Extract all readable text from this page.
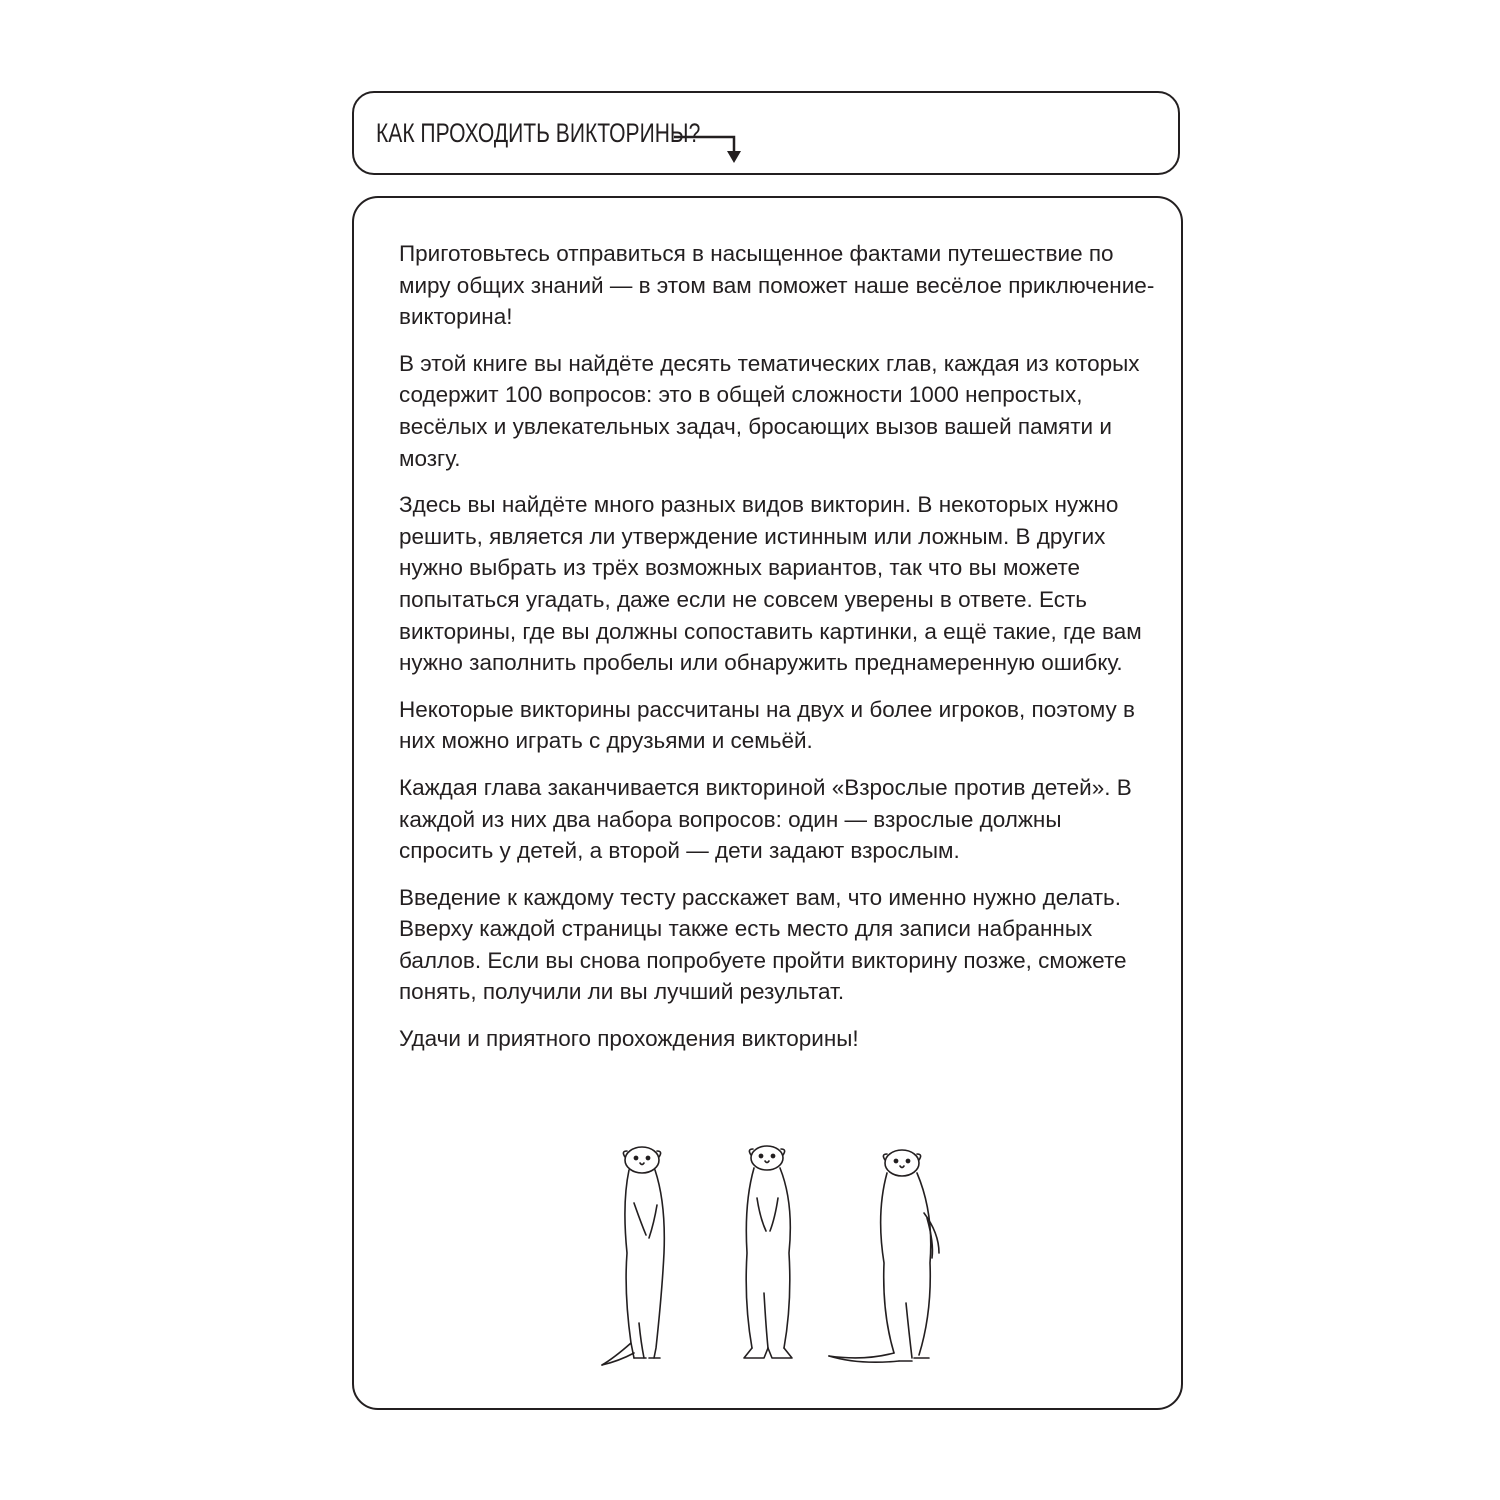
КАК ПРОХОДИТЬ ВИКТОРИНЫ?

Приготовьтесь отправиться в насыщенное фактами путешествие по миру общих знаний — в этом вам поможет наше весёлое приключение-викторина!

В этой книге вы найдёте десять тематических глав, каждая из которых содержит 100 вопросов: это в общей сложности 1000 непростых, весёлых и увлекательных задач, бросающих вызов вашей памяти и мозгу.

Здесь вы найдёте много разных видов викторин. В некоторых нужно решить, является ли утверждение истинным или ложным. В других нужно выбрать из трёх возможных вариантов, так что вы можете попытаться угадать, даже если не совсем уверены в ответе. Есть викторины, где вы должны сопоставить картинки, а ещё такие, где вам нужно заполнить пробелы или обнаружить преднамеренную ошибку.

Некоторые викторины рассчитаны на двух и более игроков, поэтому в них можно играть с друзьями и семьёй.

Каждая глава заканчивается викториной «Взрослые против детей». В каждой из них два набора вопросов: один — взрослые должны спросить у детей, а второй — дети задают взрослым.

Введение к каждому тесту расскажет вам, что именно нужно делать. Вверху каждой страницы также есть место для записи набранных баллов. Если вы снова попробуете пройти викторину позже, сможете понять, получили ли вы лучший результат.

Удачи и приятного прохождения викторины!
